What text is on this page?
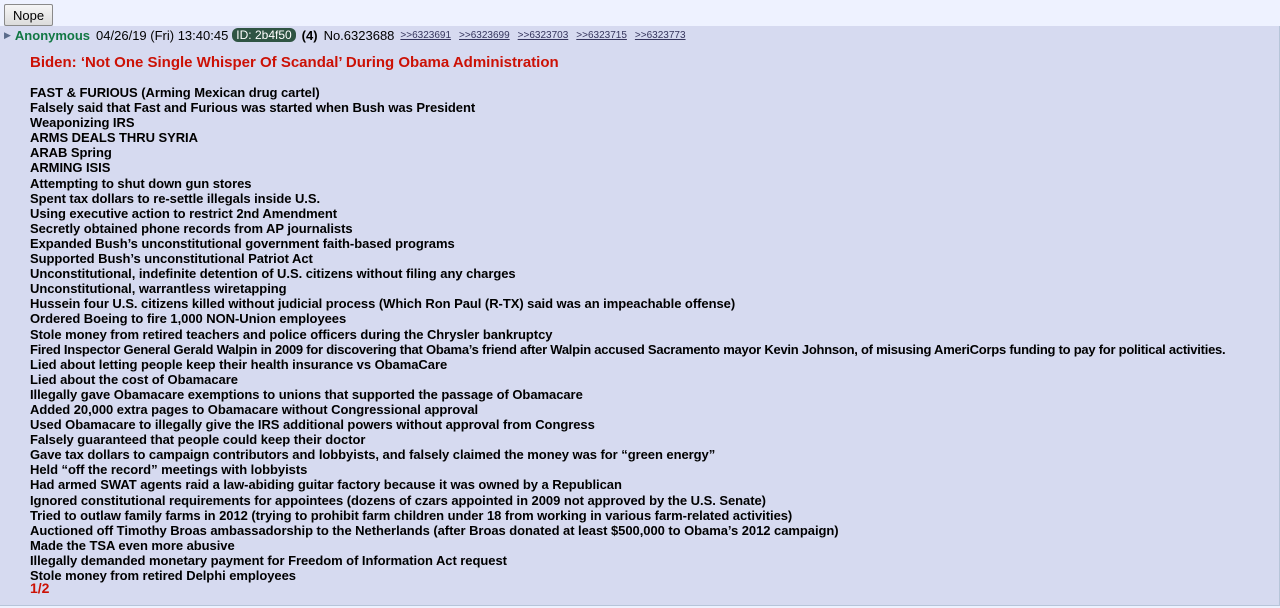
Nope
▶ Anonymous 04/26/19 (Fri) 13:40:45 ID: 2b4f50 (4) No.6323688 >>6323691 >>6323699 >>6323703 >>6323715 >>6323773
Biden: ‘Not One Single Whisper Of Scandal’ During Obama Administration
FAST & FURIOUS (Arming Mexican drug cartel)
Falsely said that Fast and Furious was started when Bush was President
Weaponizing IRS
ARMS DEALS THRU SYRIA
ARAB Spring
ARMING ISIS
Attempting to shut down gun stores
Spent tax dollars to re-settle illegals inside U.S.
Using executive action to restrict 2nd Amendment
Secretly obtained phone records from AP journalists
Expanded Bush’s unconstitutional government faith-based programs
Supported Bush’s unconstitutional Patriot Act
Unconstitutional, indefinite detention of U.S. citizens without filing any charges
Unconstitutional, warrantless wiretapping
Hussein four U.S. citizens killed without judicial process (Which Ron Paul (R-TX) said was an impeachable offense)
Ordered Boeing to fire 1,000 NON-Union employees
Stole money from retired teachers and police officers during the Chrysler bankruptcy
Fired Inspector General Gerald Walpin in 2009 for discovering that Obama’s friend after Walpin accused Sacramento mayor Kevin Johnson, of misusing AmeriCorps funding to pay for political activities.
Lied about letting people keep their health insurance vs ObamaCare
Lied about the cost of Obamacare
Illegally gave Obamacare exemptions to unions that supported the passage of Obamacare
Added 20,000 extra pages to Obamacare without Congressional approval
Used Obamacare to illegally give the IRS additional powers without approval from Congress
Falsely guaranteed that people could keep their doctor
Gave tax dollars to campaign contributors and lobbyists, and falsely claimed the money was for “green energy”
Held “off the record” meetings with lobbyists
Had armed SWAT agents raid a law-abiding guitar factory because it was owned by a Republican
Ignored constitutional requirements for appointees (dozens of czars appointed in 2009 not approved by the U.S. Senate)
Tried to outlaw family farms in 2012 (trying to prohibit farm children under 18 from working in various farm-related activities)
Auctioned off Timothy Broas ambassadorship to the Netherlands (after Broas donated at least $500,000 to Obama’s 2012 campaign)
Made the TSA even more abusive
Illegally demanded monetary payment for Freedom of Information Act request
Stole money from retired Delphi employees
1/2
